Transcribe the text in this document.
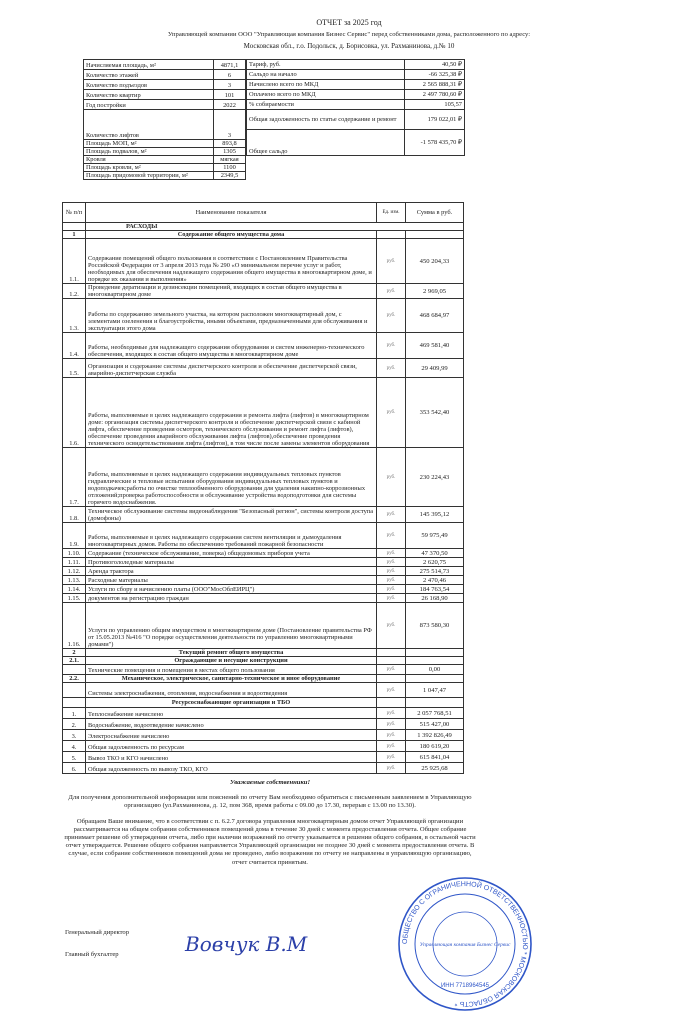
ОТЧЕТ за 2025 год
Управляющей компании ООО "Управляющая компания Бизнес Сервис" перед собственниками дома, расположенного по адресу:
Московская обл., г.о. Подольск, д. Борисовка, ул. Рахманинова, д.№ 10
Начисляемая площадь, м²	4871,1
Количество этажей	6
Количество подъездов	3
Количество квартир	101
Год постройки	2022
Количество лифтов	3
Площадь МОП, м²	893,8
Площадь подвалов, м²	1305
Кровля	мягкая
Площадь кровли, м²	1100
Площадь придомовой территории, м²	2349,5
Тариф, руб.	40,50 ₽
Сальдо на начало	-66 325,38 ₽
Начислено всего по МКД	2 565 888,31 ₽
Оплачено всего по МКД	2 497 780,60 ₽
% собираемости	105,57
Общая задолженность по статье содержание и ремонт	179 022,01 ₽
Общее сальдо	-1 578 435,70 ₽
№ п/п	Наименование показателя	Ед. изм.	Сумма в руб.
	РАСХОДЫ		
1	Содержание общего имущества дома		
1.1.	Содержание помещений общего пользования в соответствии с Постановлением Правительства Российской Федерации от 3 апреля 2013 года № 290 «О минимальном перечне услуг и работ, необходимых для обеспечения надлежащего содержания общего имущества в многоквартирном доме, и порядке их оказания и выполнения»	руб.	450 204,33
1.2.	Проведение дератизации и дезинсекции помещений, входящих в состав общего имущества в многоквартирном доме	руб.	2 969,05
1.3.	Работы по содержанию земельного участка, на котором расположен многоквартирный дом, с элементами озеленения и благоустройства, иными объектами, предназначенными для обслуживания и эксплуатации этого дома	руб.	468 684,97
1.4.	Работы, необходимые для надлежащего содержания оборудования и систем инженерно-технического обеспечения, входящих в состав общего имущества в многоквартирном доме	руб.	469 581,40
1.5.	Организация и содержание системы диспетчерского контроля и обеспечение диспетчерской связи, аварийно-диспетчерская служба	руб.	29 409,99
1.6.	Работы, выполняемые в целях надлежащего содержания и ремонта лифта (лифтов) в многоквартирном доме: организация системы диспетчерского контроля и обеспечение диспетчерской связи с кабиной лифта, обеспечение проведения осмотров, технического обслуживания и ремонт лифта (лифтов), обеспечение проведения аварийного обслуживания лифта (лифтов),обеспечение проведения технического освидетельствования лифта (лифтов), в том числе после замены элементов оборудования	руб.	353 542,40
1.7.	Работы, выполняемые в целях надлежащего содержания индивидуальных тепловых пунктов гидравлические и тепловые испытания оборудования индивидуальных тепловых пунктов и водоподкачек;работы по очистке теплообменного оборудования для удаления накипно-коррозионных отложений;проверка работоспособности и обслуживание устройства водоподготовки для системы горячего водоснабжения.	руб.	230 224,43
1.8.	Техническое обслуживание системы видеонаблюдения "Безопасный регион", системы контроля доступа (домофоны)	руб.	145 395,12
1.9.	Работы, выполняемые в целях надлежащего содержания систем вентиляции и дымоудаления многоквартирных домов. Работы по обеспечению требований пожарной безопасности	руб.	59 975,49
1.10.	Содержание (техническое обслуживание, поверка) общедомовых приборов учета	руб.	47 370,50
1.11.	Противогололедные материалы	руб.	2 620,75
1.12.	Аренда трактора	руб.	275 514,73
1.13.	Расходные материалы	руб.	2 470,46
1.14.	Услуги по сбору и начислению платы (ООО"МосОблЕИРЦ")	руб.	184 763,54
1.15.	документов на регистрацию граждан	руб.	26 168,90
1.16.	Услуги по управлению общим имуществом в многоквартирном доме (Постановление правительства РФ от 15.05.2013 №416 "О порядке осуществления деятельности по управлению многоквартирными домами")	руб.	873 580,30
2	Текущий ремонт общего имущества		
2.1.	Ограждающие и несущие конструкции		
	Технические помещения и помещения в местах общего пользования	руб.	0,00
2.2.	Механическое, электрическое, санитарно-техническое и иное оборудование		
	Системы электроснабжения, отопления, водоснабжения и водоотведения	руб.	1 047,47
	Ресурсоснабжающие организации и ТБО		
1.	Теплоснабжение начислено	руб.	2 057 768,51
2.	Водоснабжение, водоотведение начислено	руб.	515 427,00
3.	Электроснабжение начислено	руб.	1 392 826,49
4.	Общая задолженность по ресурсам	руб.	180 619,20
5.	Вывоз ТКО и КГО начислено	руб.	615 841,04
6.	Общая задолженность по вывозу ТКО, КГО	руб.	25 925,68

Уважаемые собственники!

Для получения дополнительной информации или пояснений по отчету Вам необходимо обратиться с письменным заявлением в Управляющую организацию (ул.Рахманинова, д. 12, пом 368, время работы с 09.00 до 17.30, перерыв с 13.00 по 13.30).

Обращаем Ваше внимание, что в соответствии с п. 6.2.7 договора управления многоквартирным домом отчет Управляющей организации рассматривается на общем собрании собственников помещений дома в течение 30 дней с момента предоставления отчета. Общее собрание принимает решение об утверждении отчета, либо при наличии возражений по отчету указывается в решении общего собрания, в остальной части отчет утверждается. Решение общего собрания направляется Управляющей организации не позднее 30 дней с момента предоставления отчета. В случае, если собрание собственников помещений дома не проведено, либо возражения по отчету не направлены в управляющую организацию, отчет считается принятым.

Генеральный директор
Главный бухгалтер	Вовчук В.М	ОБЩЕСТВО С ОГРАНИЧЕННОЙ ОТВЕТСТВЕННОСТЬЮ * МОСКОВСКАЯ ОБЛАСТЬ *
Управляющая компания Бизнес Сервис
ИНН 7718964545
